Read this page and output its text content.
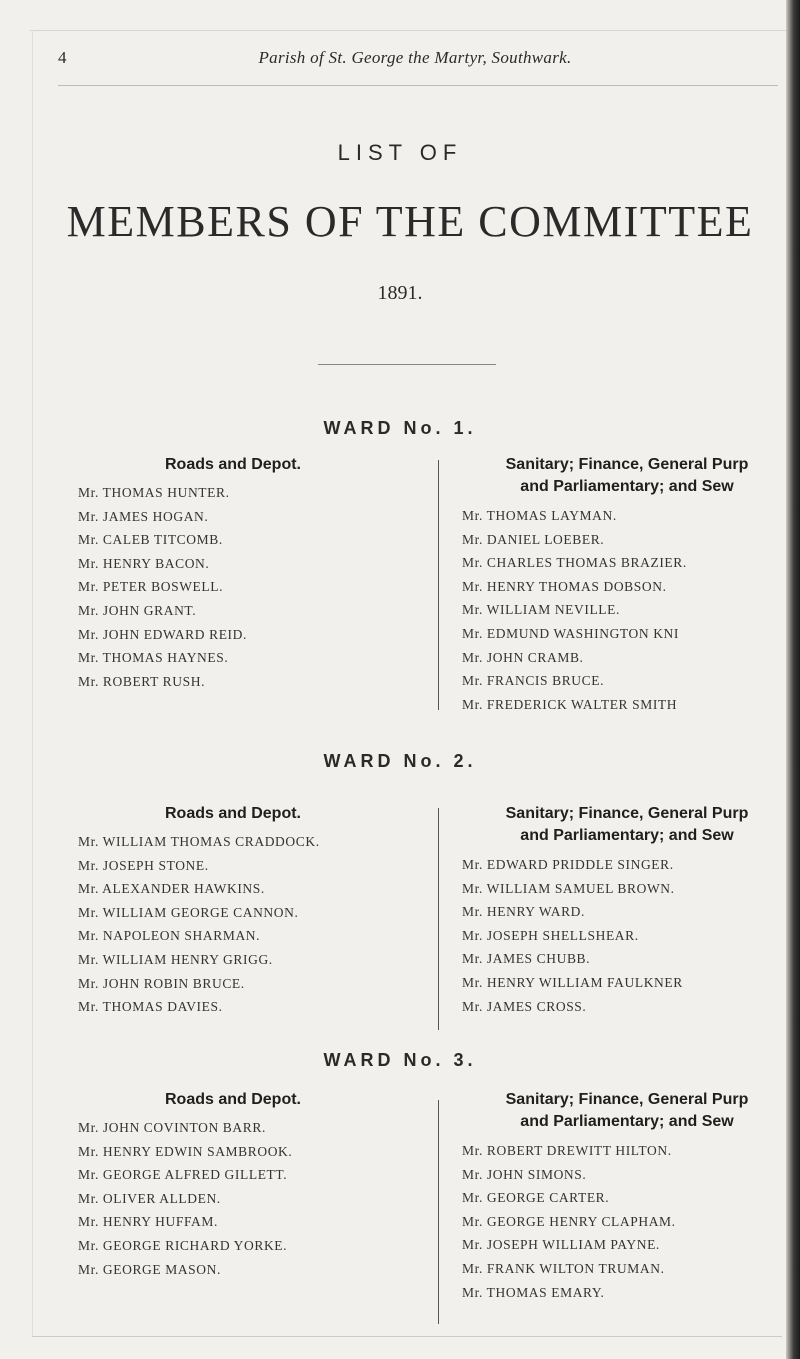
4	Parish of St. George the Martyr, Southwark.
LIST OF
MEMBERS OF THE COMMITTEE
1891.
WARD No. 1.
Roads and Depot.
Mr. THOMAS HUNTER.
Mr. JAMES HOGAN.
Mr. CALEB TITCOMB.
Mr. HENRY BACON.
Mr. PETER BOSWELL.
Mr. JOHN GRANT.
Mr. JOHN EDWARD REID.
Mr. THOMAS HAYNES.
Mr. ROBERT RUSH.
Sanitary; Finance, General Purp
and Parliamentary; and Sew
Mr. THOMAS LAYMAN.
Mr. DANIEL LOEBER.
Mr. CHARLES THOMAS BRAZIER.
Mr. HENRY THOMAS DOBSON.
Mr. WILLIAM NEVILLE.
Mr. EDMUND WASHINGTON KNI
Mr. JOHN CRAMB.
Mr. FRANCIS BRUCE.
Mr. FREDERICK WALTER SMITH
WARD No. 2.
Roads and Depot.
Mr. WILLIAM THOMAS CRADDOCK.
Mr. JOSEPH STONE.
Mr. ALEXANDER HAWKINS.
Mr. WILLIAM GEORGE CANNON.
Mr. NAPOLEON SHARMAN.
Mr. WILLIAM HENRY GRIGG.
Mr. JOHN ROBIN BRUCE.
Mr. THOMAS DAVIES.
Sanitary; Finance, General Purp
and Parliamentary; and Sew
Mr. EDWARD PRIDDLE SINGER.
Mr. WILLIAM SAMUEL BROWN.
Mr. HENRY WARD.
Mr. JOSEPH SHELLSHEAR.
Mr. JAMES CHUBB.
Mr. HENRY WILLIAM FAULKNER
Mr. JAMES CROSS.
WARD No. 3.
Roads and Depot.
Mr. JOHN COVINTON BARR.
Mr. HENRY EDWIN SAMBROOK.
Mr. GEORGE ALFRED GILLETT.
Mr. OLIVER ALLDEN.
Mr. HENRY HUFFAM.
Mr. GEORGE RICHARD YORKE.
Mr. GEORGE MASON.
Sanitary; Finance, General Purp
and Parliamentary; and Sew
Mr. ROBERT DREWITT HILTON.
Mr. JOHN SIMONS.
Mr. GEORGE CARTER.
Mr. GEORGE HENRY CLAPHAM.
Mr. JOSEPH WILLIAM PAYNE.
Mr. FRANK WILTON TRUMAN.
Mr. THOMAS EMARY.
